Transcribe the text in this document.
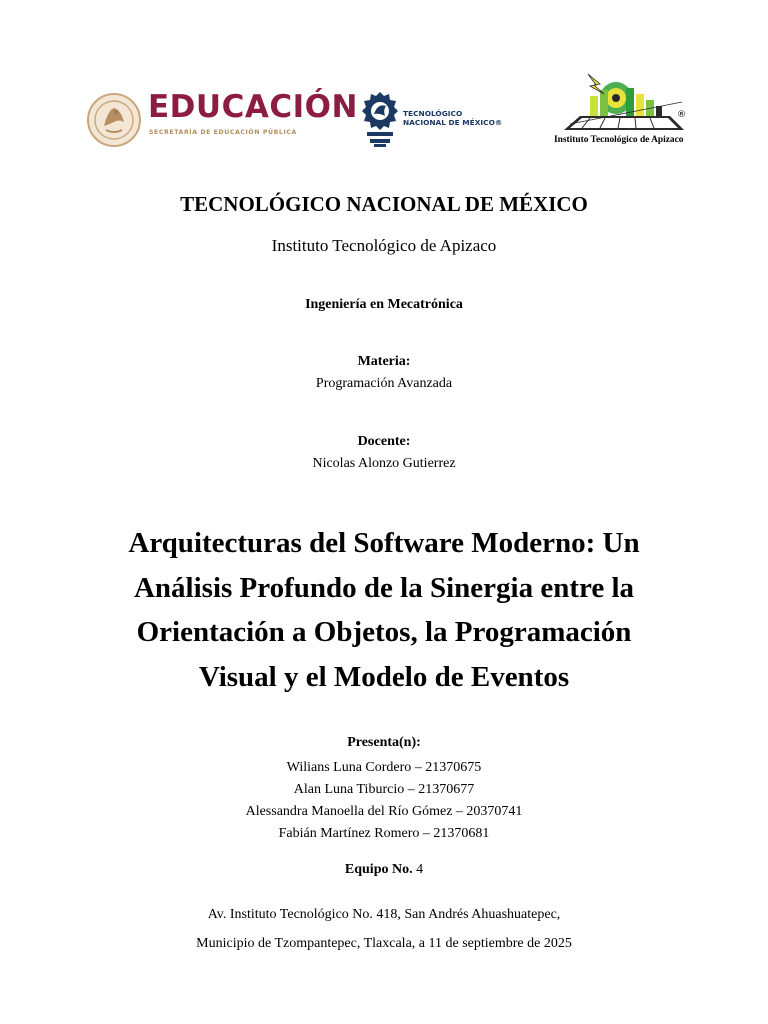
EDUCACIÓN
SECRETARÍA DE EDUCACIÓN PÚBLICA
TECNOLÓGICO
NACIONAL DE MÉXICO®
®
Instituto Tecnológico de Apizaco
TECNOLÓGICO NACIONAL DE MÉXICO
Instituto Tecnológico de Apizaco
Ingeniería en Mecatrónica
Materia:
Programación Avanzada
Docente:
Nicolas Alonzo Gutierrez
Arquitecturas del Software Moderno: Un
Análisis Profundo de la Sinergia entre la
Orientación a Objetos, la Programación
Visual y el Modelo de Eventos
Presenta(n):
Wilians Luna Cordero – 21370675
Alan Luna Tiburcio – 21370677
Alessandra Manoella del Río Gómez – 20370741
Fabián Martínez Romero – 21370681
Equipo No. 4
Av. Instituto Tecnológico No. 418, San Andrés Ahuashuatepec,
Municipio de Tzompantepec, Tlaxcala, a 11 de septiembre de 2025
